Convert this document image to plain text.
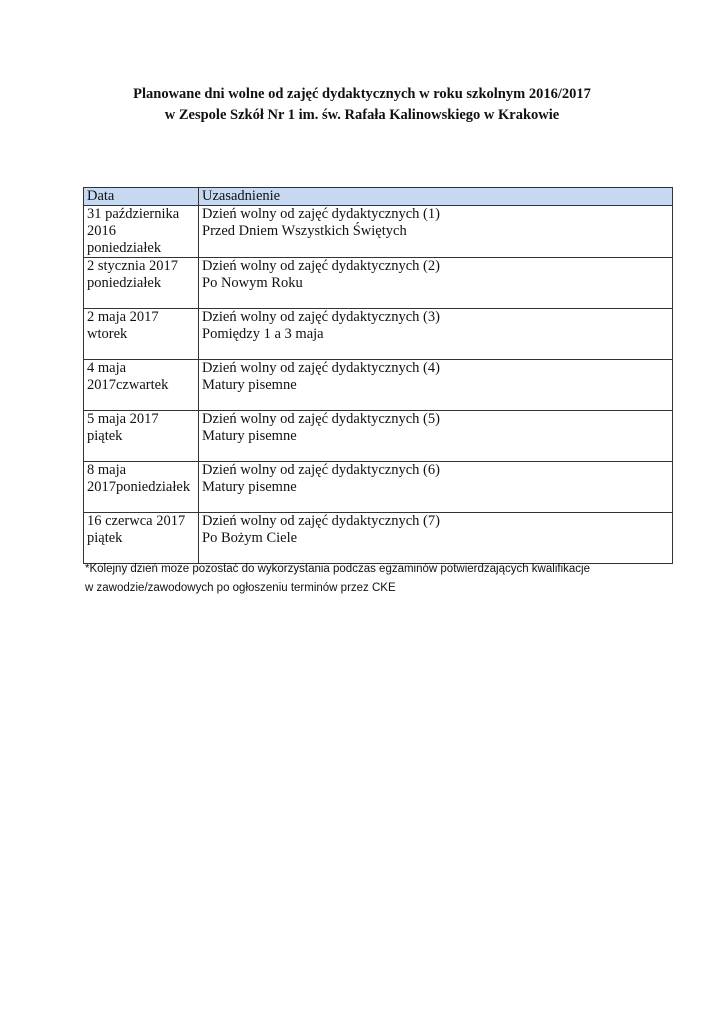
Planowane dni wolne od zajęć dydaktycznych w roku szkolnym 2016/2017
w Zespole Szkół Nr 1 im. św. Rafała Kalinowskiego w Krakowie
Data	Uzasadnienie

31 października
2016
poniedziałek	Dzień wolny od zajęć dydaktycznych (1)
Przed Dniem Wszystkich Świętych

2 stycznia 2017
poniedziałek	Dzień wolny od zajęć dydaktycznych (2)
Po Nowym Roku

2 maja 2017
wtorek	Dzień wolny od zajęć dydaktycznych (3)
Pomiędzy 1 a 3 maja

4 maja
2017czwartek	Dzień wolny od zajęć dydaktycznych (4)
Matury pisemne

5 maja 2017
piątek	Dzień wolny od zajęć dydaktycznych (5)
Matury pisemne

8 maja
2017poniedziałek	Dzień wolny od zajęć dydaktycznych (6)
Matury pisemne

16 czerwca 2017
piątek	Dzień wolny od zajęć dydaktycznych (7)
Po Bożym Ciele
*Kolejny dzień może pozostać do wykorzystania podczas egzaminów potwierdzających kwalifikacje
w zawodzie/zawodowych po ogłoszeniu terminów przez CKE
